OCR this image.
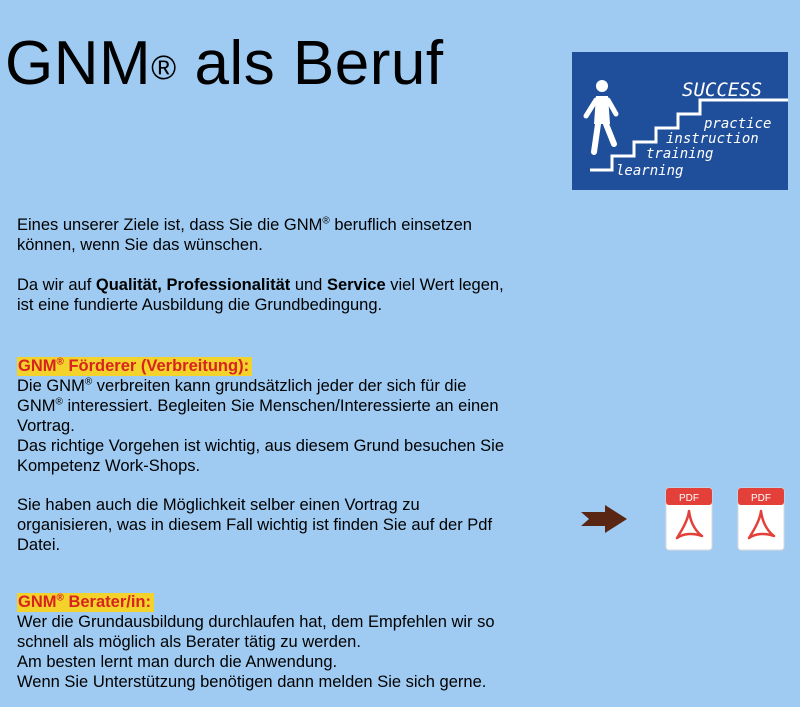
GNM® als Beruf	SUCCESS
practice
instruction
training
learning

Eines unserer Ziele ist, dass Sie die GNM® beruflich einsetzen
können, wenn Sie das wünschen.

Da wir auf Qualität, Professionalität und Service viel Wert legen,
ist eine fundierte Ausbildung die Grundbedingung.

GNM® Förderer (Verbreitung):

Die GNM® verbreiten kann grundsätzlich jeder der sich für die
GNM® interessiert. Begleiten Sie Menschen/Interessierte an einen
Vortrag.
Das richtige Vorgehen ist wichtig, aus diesem Grund besuchen Sie
Kompetenz Work-Shops.

Sie haben auch die Möglichkeit selber einen Vortrag zu
organisieren, was in diesem Fall wichtig ist finden Sie auf der Pdf
Datei.

PDF	PDF
GNM® Berater/in:

Wer die Grundausbildung durchlaufen hat, dem Empfehlen wir so
schnell als möglich als Berater tätig zu werden.
Am besten lernt man durch die Anwendung.
Wenn Sie Unterstützung benötigen dann melden Sie sich gerne.
